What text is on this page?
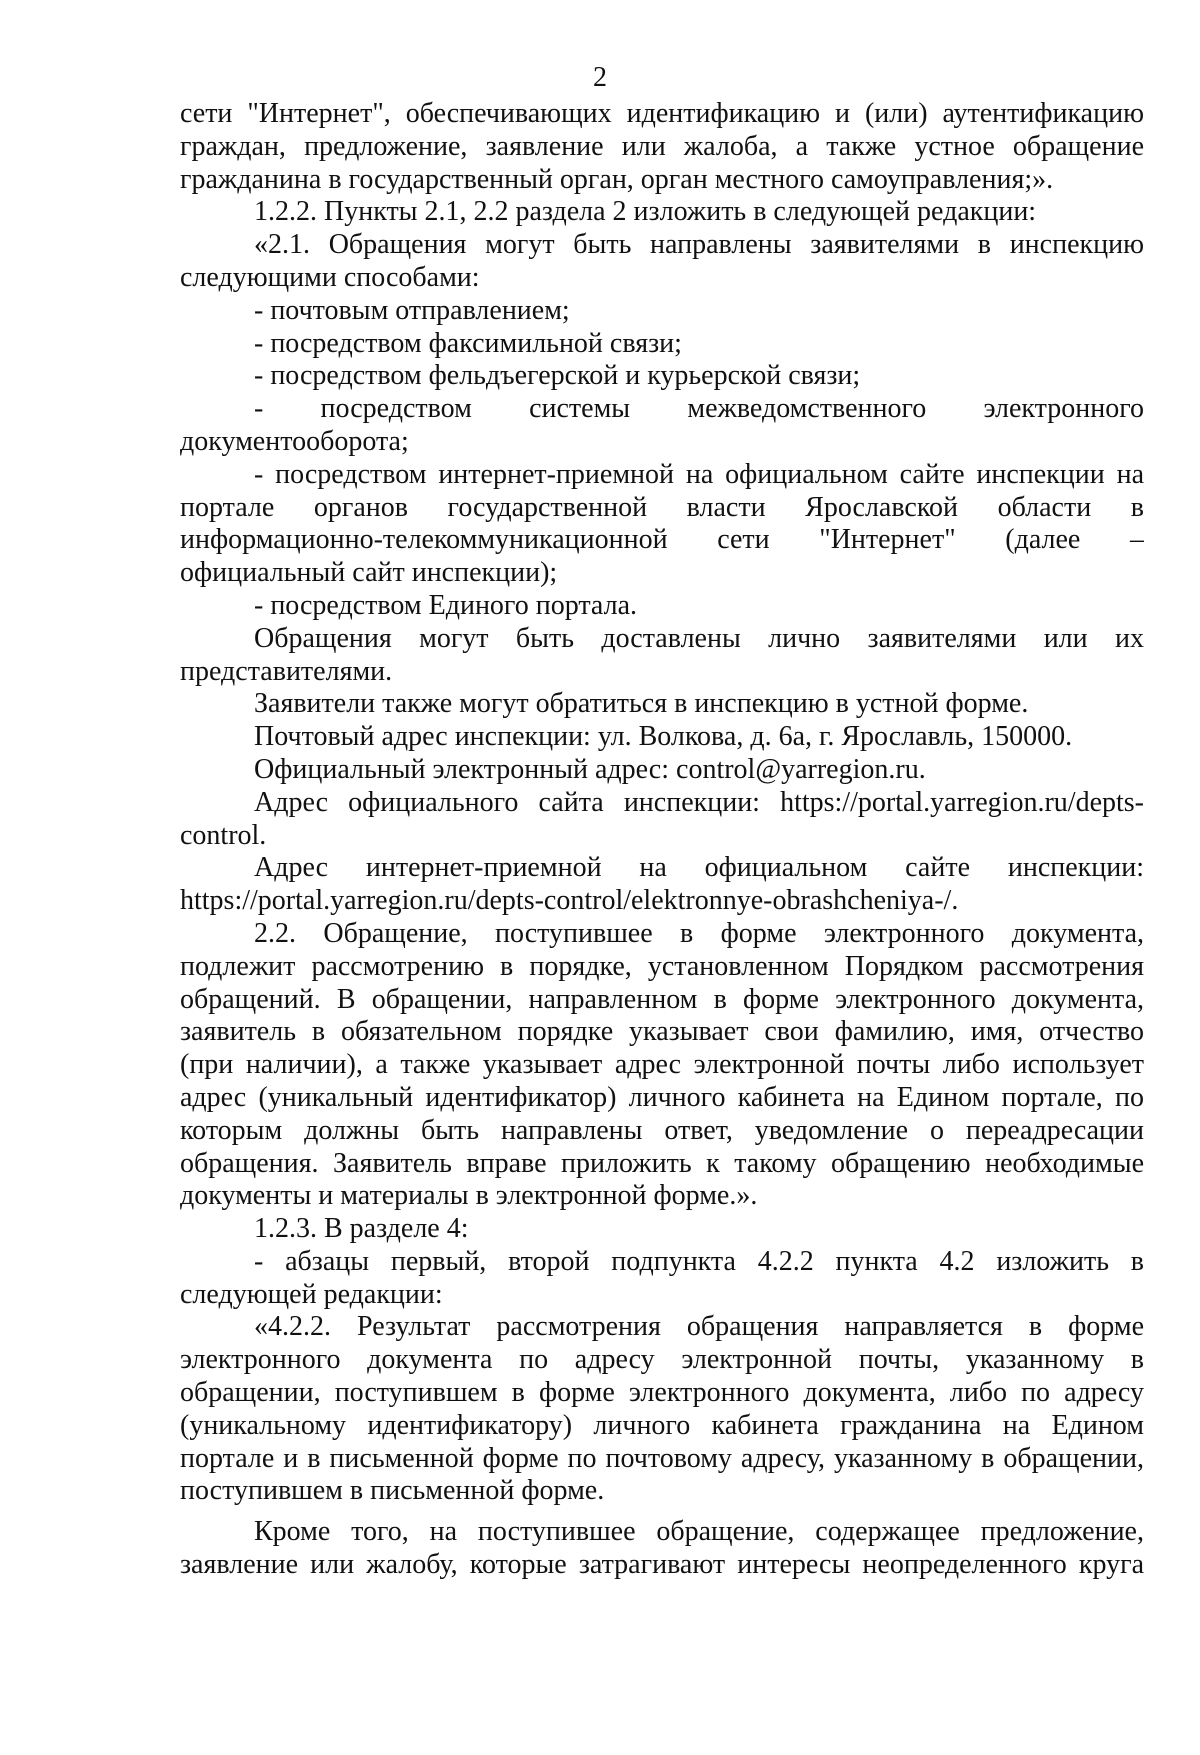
2
сети "Интернет", обеспечивающих идентификацию и (или) аутентификацию
граждан, предложение, заявление или жалоба, а также устное обращение
гражданина в государственный орган, орган местного самоуправления;».
1.2.2. Пункты 2.1, 2.2 раздела 2 изложить в следующей редакции:
«2.1. Обращения могут быть направлены заявителями в инспекцию
следующими способами:
- почтовым отправлением;
- посредством факсимильной связи;
- посредством фельдъегерской и курьерской связи;
- посредством системы межведомственного электронного
документооборота;
- посредством интернет-приемной на официальном сайте инспекции на
портале органов государственной власти Ярославской области в
информационно-телекоммуникационной сети "Интернет" (далее –
официальный сайт инспекции);
- посредством Единого портала.
Обращения могут быть доставлены лично заявителями или их
представителями.
Заявители также могут обратиться в инспекцию в устной форме.
Почтовый адрес инспекции: ул. Волкова, д. 6а, г. Ярославль, 150000.
Официальный электронный адрес: control@yarregion.ru.
Адрес официального сайта инспекции: https://portal.yarregion.ru/depts-
control.
Адрес интернет-приемной на официальном сайте инспекции:
https://portal.yarregion.ru/depts-control/elektronnye-obrashcheniya-/.
2.2. Обращение, поступившее в форме электронного документа,
подлежит рассмотрению в порядке, установленном Порядком рассмотрения
обращений. В обращении, направленном в форме электронного документа,
заявитель в обязательном порядке указывает свои фамилию, имя, отчество
(при наличии), а также указывает адрес электронной почты либо использует
адрес (уникальный идентификатор) личного кабинета на Едином портале, по
которым должны быть направлены ответ, уведомление о переадресации
обращения. Заявитель вправе приложить к такому обращению необходимые
документы и материалы в электронной форме.».
1.2.3. В разделе 4:
- абзацы первый, второй подпункта 4.2.2 пункта 4.2 изложить в
следующей редакции:
«4.2.2. Результат рассмотрения обращения направляется в форме
электронного документа по адресу электронной почты, указанному в
обращении, поступившем в форме электронного документа, либо по адресу
(уникальному идентификатору) личного кабинета гражданина на Едином
портале и в письменной форме по почтовому адресу, указанному в обращении,
поступившем в письменной форме.
Кроме того, на поступившее обращение, содержащее предложение,
заявление или жалобу, которые затрагивают интересы неопределенного круга
